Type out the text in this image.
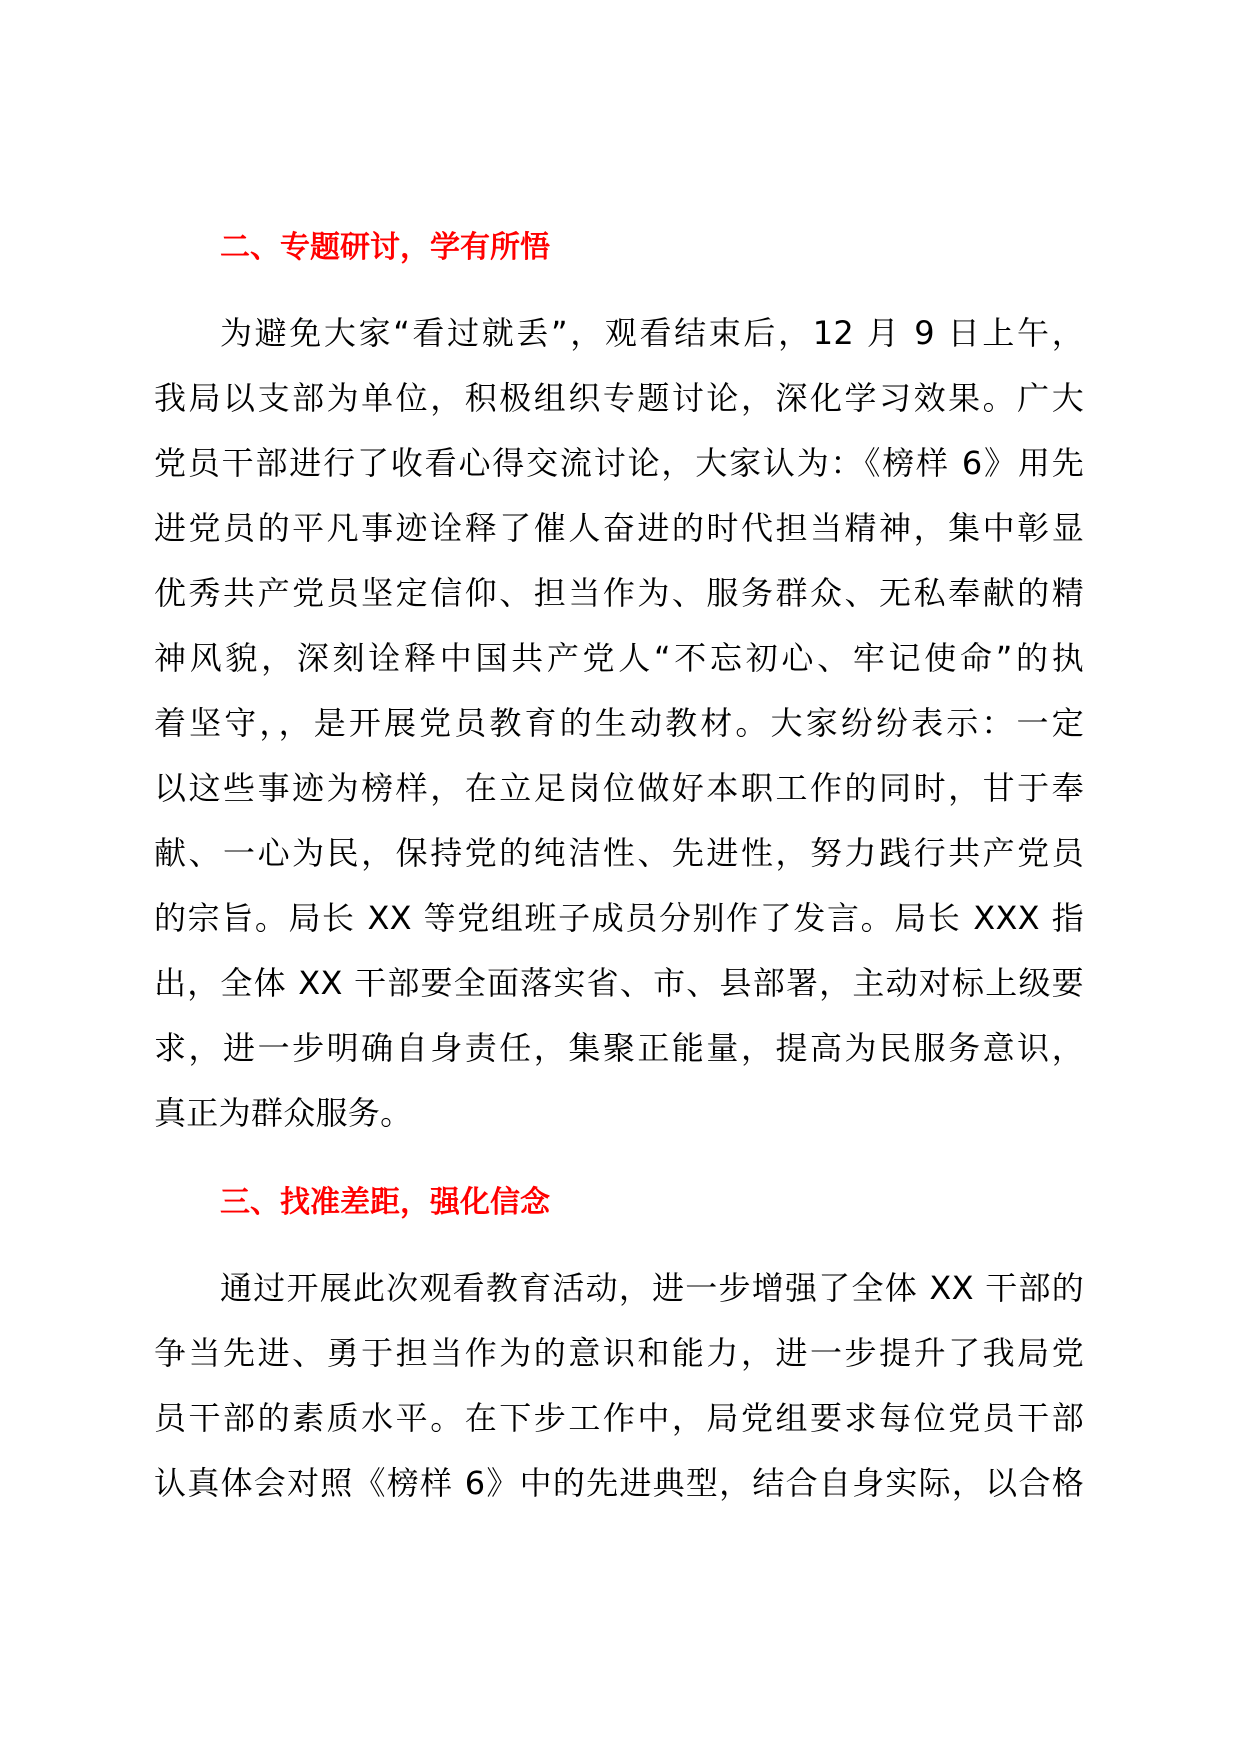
二、专题研讨，学有所悟
为避免大家“看过就丢”，观看结束后，12 月 9 日上午，
我局以支部为单位，积极组织专题讨论，深化学习效果。广大
党员干部进行了收看心得交流讨论，大家认为：《榜样 6》用先
进党员的平凡事迹诠释了催人奋进的时代担当精神，集中彰显
优秀共产党员坚定信仰、担当作为、服务群众、无私奉献的精
神风貌，深刻诠释中国共产党人“不忘初心、牢记使命”的执
着坚守，，是开展党员教育的生动教材。大家纷纷表示：一定
以这些事迹为榜样，在立足岗位做好本职工作的同时，甘于奉
献、一心为民，保持党的纯洁性、先进性，努力践行共产党员
的宗旨。局长 XX 等党组班子成员分别作了发言。局长 XXX 指
出，全体 XX 干部要全面落实省、市、县部署，主动对标上级要
求，进一步明确自身责任，集聚正能量，提高为民服务意识，
真正为群众服务。
三、找准差距，强化信念
通过开展此次观看教育活动，进一步增强了全体 XX 干部的
争当先进、勇于担当作为的意识和能力，进一步提升了我局党
员干部的素质水平。在下步工作中，局党组要求每位党员干部
认真体会对照《榜样 6》中的先进典型，结合自身实际，以合格
